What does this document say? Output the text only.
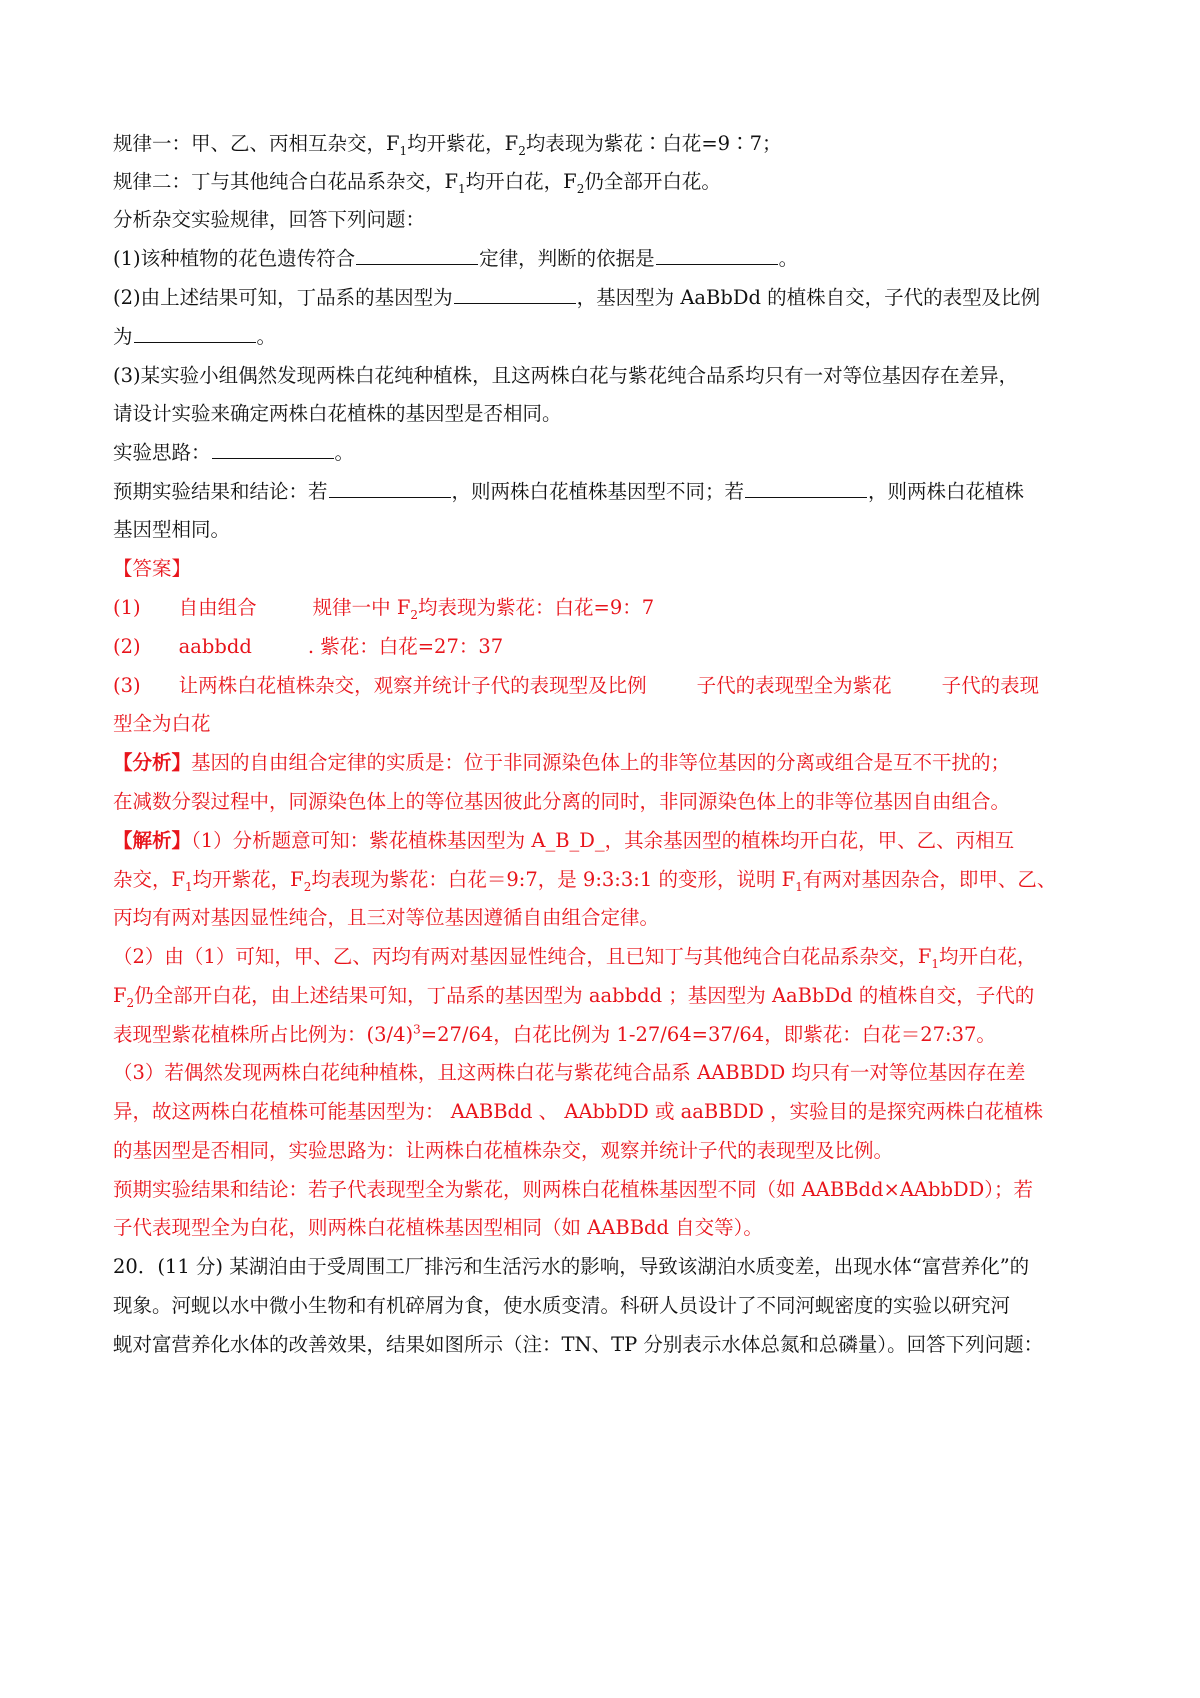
规律一：甲、乙、丙相互杂交，$F_1$均开紫花，$F_2$均表现为紫花∶白花=9∶7；
规律二：丁与其他纯合白花品系杂交，$F_1$均开白花，$F_2$仍全部开白花。
分析杂交实验规律，回答下列问题：
(1)该种植物的花色遗传符合	定律，判断的依据是	。
(2)由上述结果可知，丁品系的基因型为	，基因型为 AaBbDd 的植株自交，子代的表型及比例
为	。
(3)某实验小组偶然发现两株白花纯种植株，且这两株白花与紫花纯合品系均只有一对等位基因存在差异，
请设计实验来确定两株白花植株的基因型是否相同。
实验思路：	。
预期实验结果和结论：若	，则两株白花植株基因型不同；若	，则两株白花植株
基因型相同。
【答案】
(1) 自由组合	规律一中 $F_2$均表现为紫花：白花=9：7
(2) aabbdd	. 紫花：白花=27：37
(3) 让两株白花植株杂交，观察并统计子代的表现型及比例	子代的表现型全为紫花	子代的表现
型全为白花
【分析】基因的自由组合定律的实质是：位于非同源染色体上的非等位基因的分离或组合是互不干扰的；
在减数分裂过程中，同源染色体上的等位基因彼此分离的同时，非同源染色体上的非等位基因自由组合。
【解析】（1）分析题意可知：紫花植株基因型为 A_B_D_，其余基因型的植株均开白花，甲、乙、丙相互
杂交，$F_1$均开紫花，$F_2$均表现为紫花：白花＝9:7，是 9:3:3:1 的变形，说明 $F_1$有两对基因杂合，即甲、乙、
丙均有两对基因显性纯合，且三对等位基因遵循自由组合定律。
（2）由（1）可知，甲、乙、丙均有两对基因显性纯合，且已知丁与其他纯合白花品系杂交，$F_1$均开白花，
$F_2$仍全部开白花，由上述结果可知，丁品系的基因型为 aabbdd ；基因型为 AaBbDd 的植株自交，子代的
表现型紫花植株所占比例为：$(3/4)^3=27/64$，白花比例为 1-27/64=37/64，即紫花：白花＝27:37。
（3）若偶然发现两株白花纯种植株，且这两株白花与紫花纯合品系 AABBDD 均只有一对等位基因存在差
异，故这两株白花植株可能基因型为： AABBdd 、 AAbbDD 或 aaBBDD ，实验目的是探究两株白花植株
的基因型是否相同，实验思路为：让两株白花植株杂交，观察并统计子代的表现型及比例。
预期实验结果和结论：若子代表现型全为紫花，则两株白花植株基因型不同（如 AABBdd×AAbbDD）；若
子代表现型全为白花，则两株白花植株基因型相同（如 AABBdd 自交等）。
20．(11 分) 某湖泊由于受周围工厂排污和生活污水的影响，导致该湖泊水质变差，出现水体“富营养化”的
现象。河蚬以水中微小生物和有机碎屑为食，使水质变清。科研人员设计了不同河蚬密度的实验以研究河
蚬对富营养化水体的改善效果，结果如图所示（注：TN、TP 分别表示水体总氮和总磷量）。回答下列问题：
